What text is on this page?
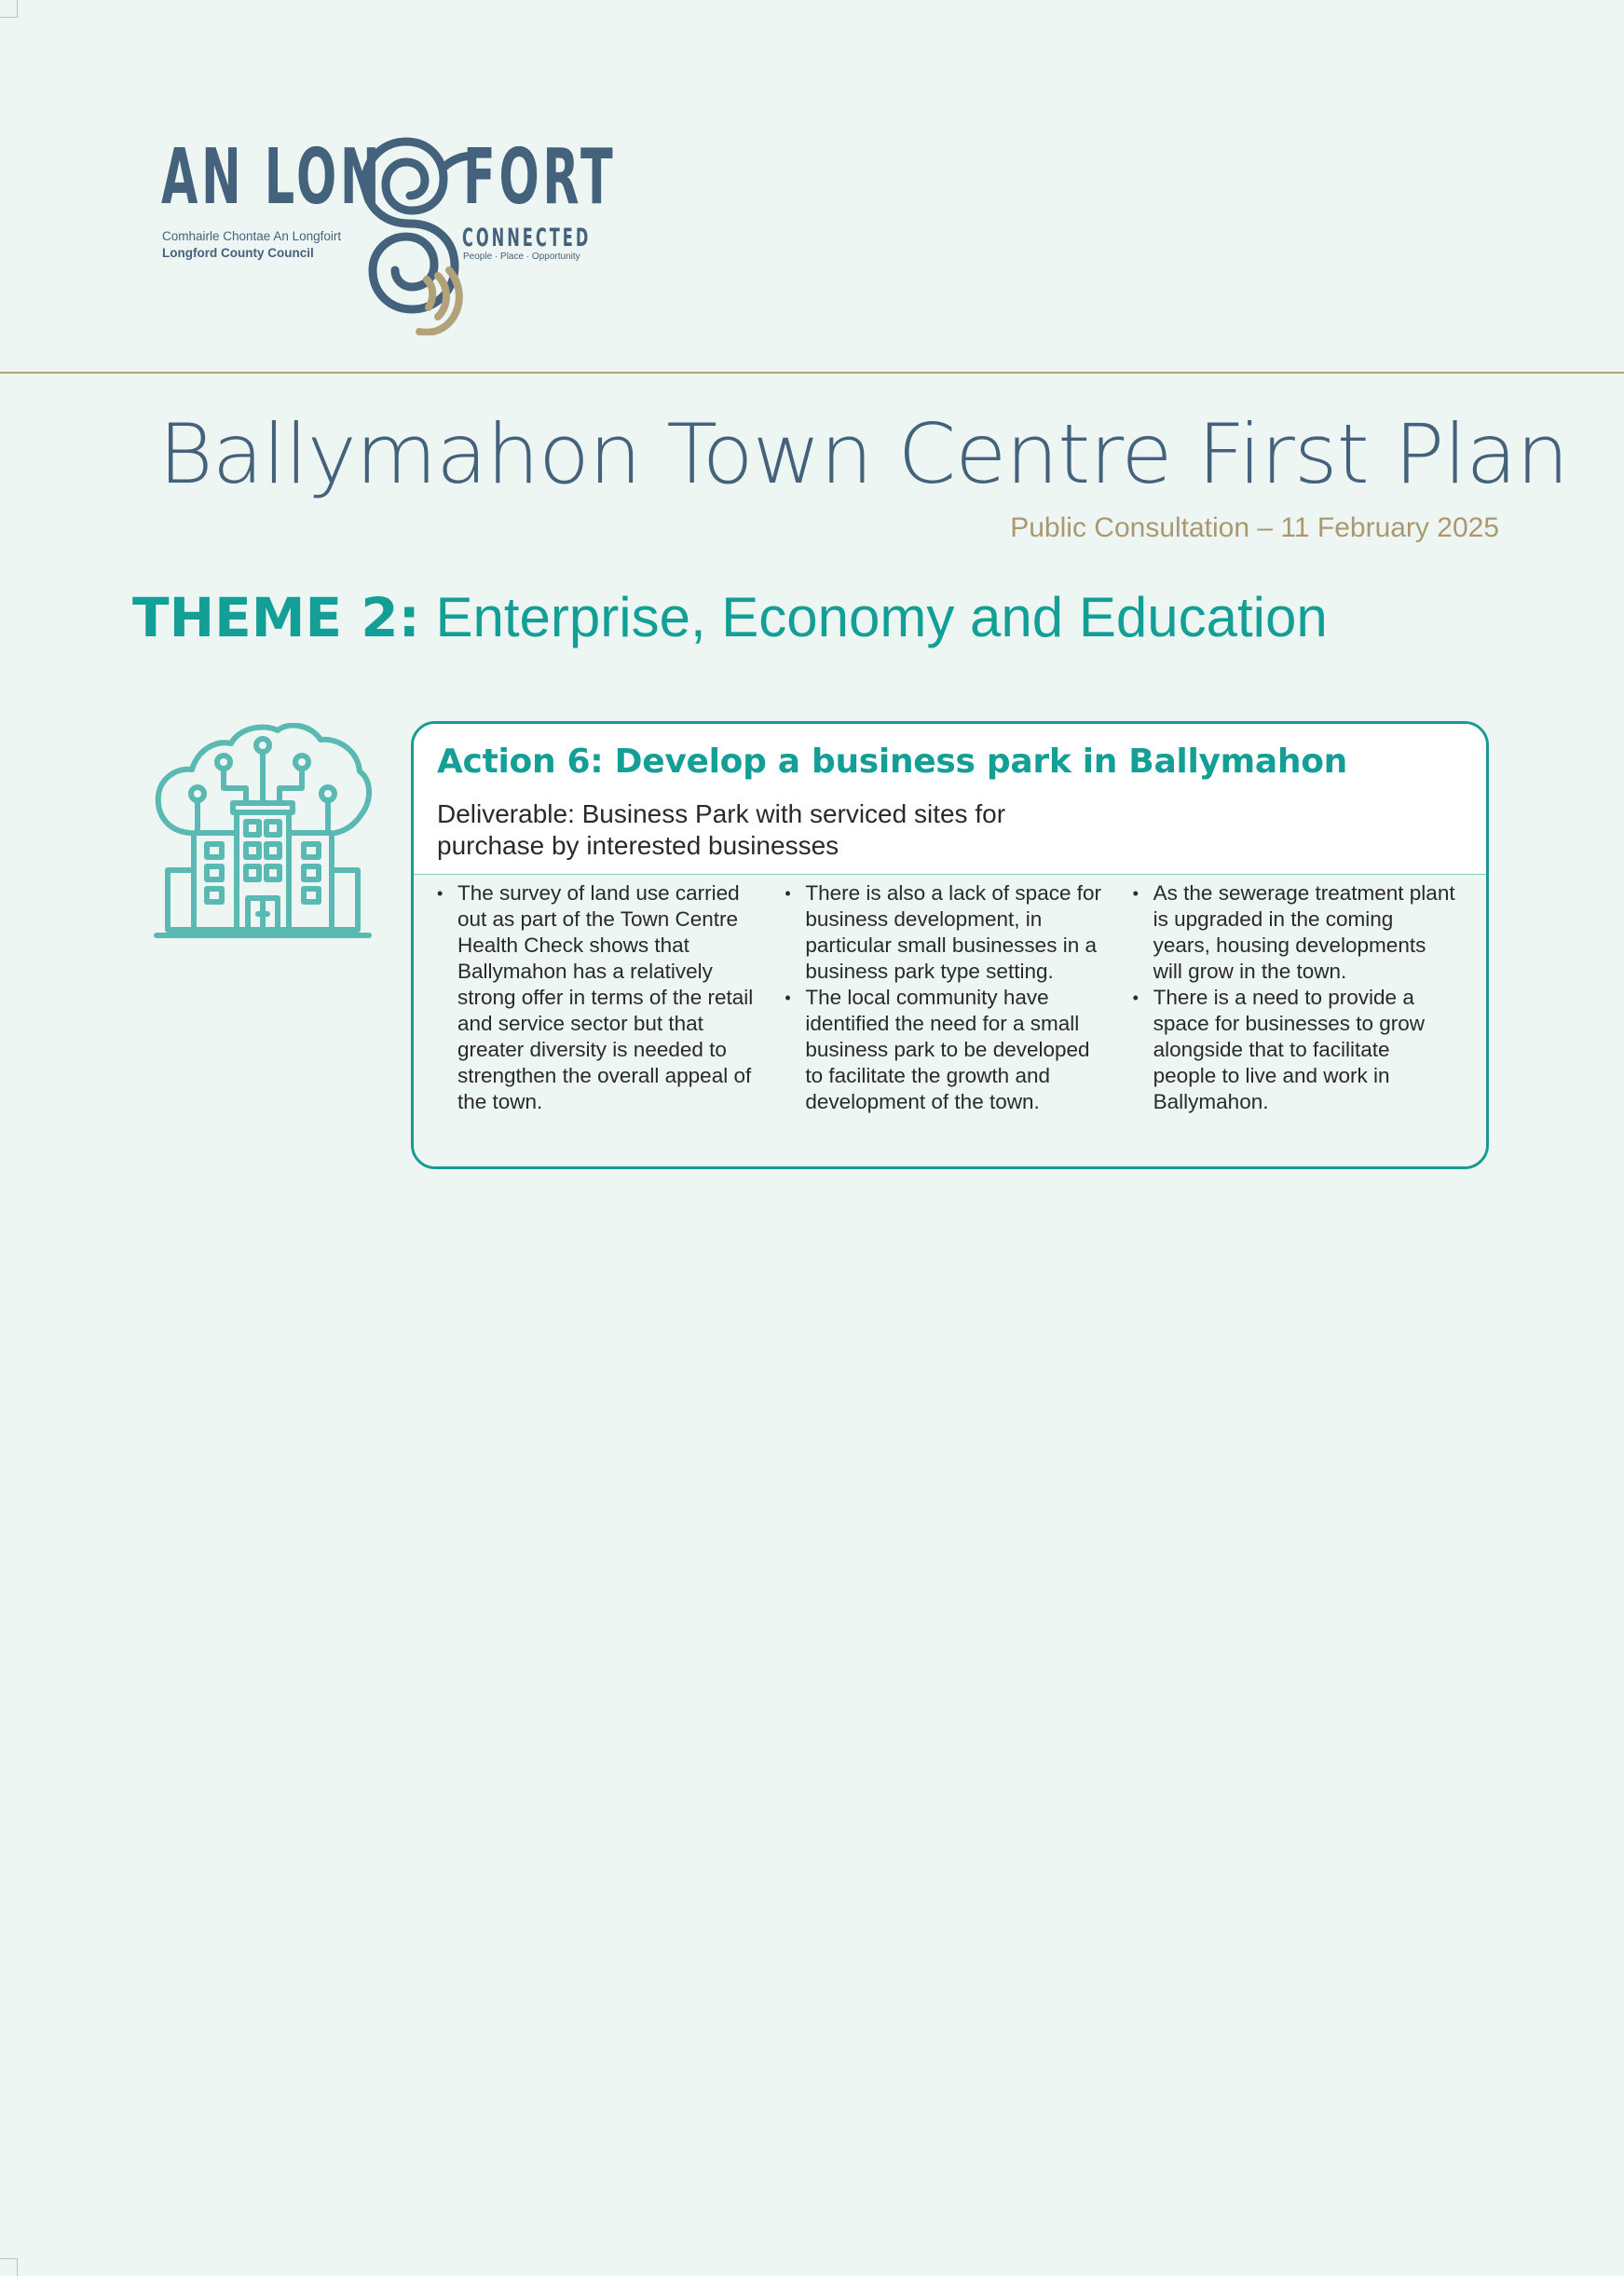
AN LON FORT
Comhairle Chontae An Longfoirt
Longford County Council
CONNECTED
People · Place · Opportunity
Ballymahon Town Centre First Plan
Public Consultation – 11 February 2025
THEME 2: Enterprise, Economy and Education
Action 6: Develop a business park in Ballymahon
Deliverable: Business Park with serviced sites for purchase by interested businesses
• The survey of land use carried out as part of the Town Centre Health Check shows that Ballymahon has a relatively strong offer in terms of the retail and service sector but that greater diversity is needed to strengthen the overall appeal of the town.
• There is also a lack of space for business development, in particular small businesses in a business park type setting.
• The local community have identified the need for a small business park to be developed to facilitate the growth and development of the town.
• As the sewerage treatment plant is upgraded in the coming years, housing developments will grow in the town.
• There is a need to provide a space for businesses to grow alongside that to facilitate people to live and work in Ballymahon.
